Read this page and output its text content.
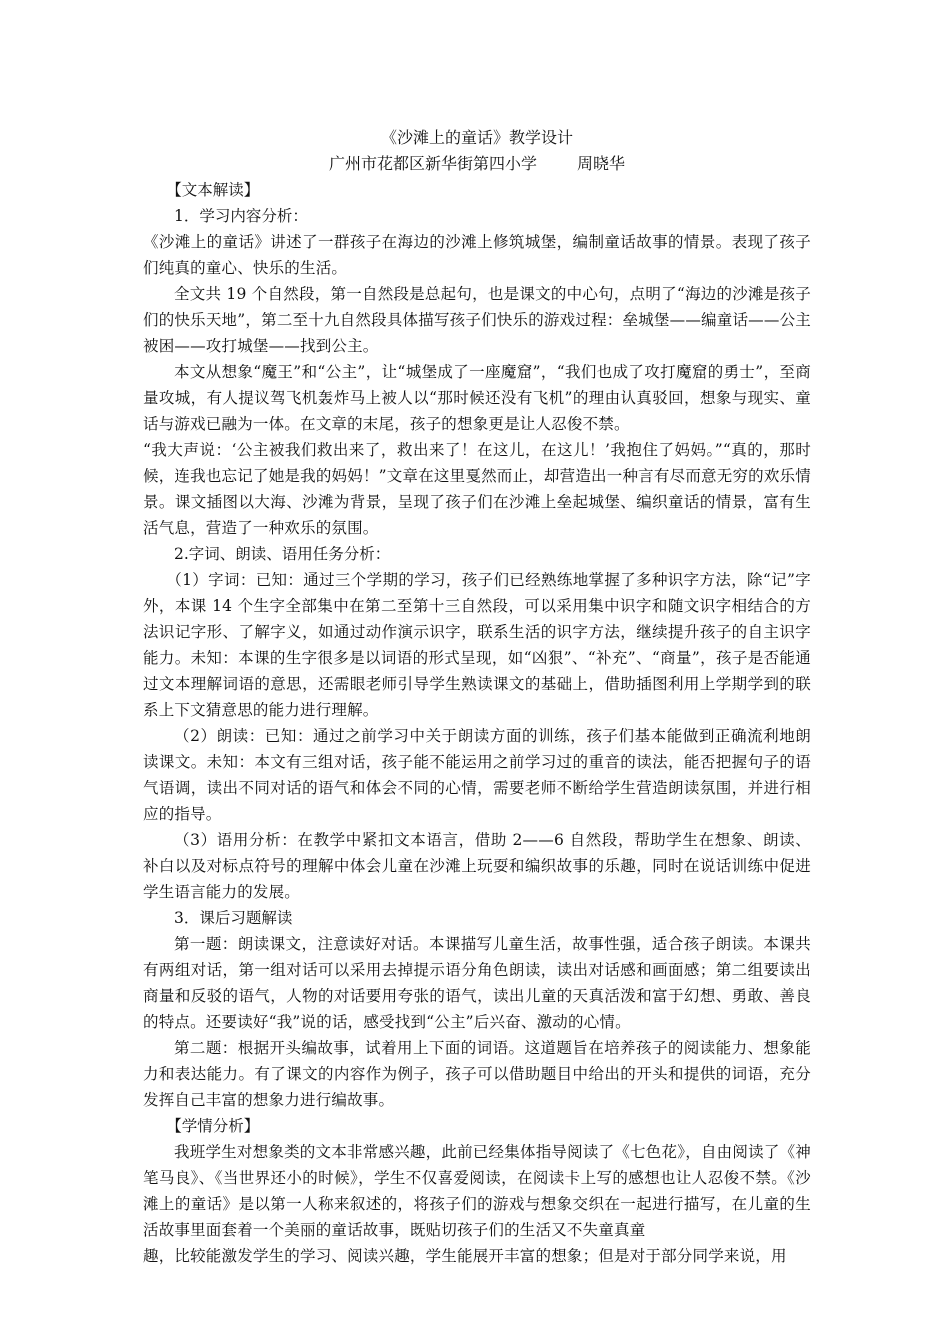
《沙滩上的童话》教学设计

广州市花都区新华街第四小学	周晓华

【文本解读】

1．学习内容分析：

《沙滩上的童话》讲述了一群孩子在海边的沙滩上修筑城堡，编制童话故事的情景。表现了孩子们纯真的童心、快乐的生活。

全文共 19 个自然段，第一自然段是总起句，也是课文的中心句，点明了“海边的沙滩是孩子们的快乐天地”，第二至十九自然段具体描写孩子们快乐的游戏过程：垒城堡——编童话——公主被困——攻打城堡——找到公主。

本文从想象“魔王”和“公主”，让“城堡成了一座魔窟”，“我们也成了攻打魔窟的勇士”，至商量攻城，有人提议驾飞机轰炸马上被人以“那时候还没有飞机”的理由认真驳回，想象与现实、童话与游戏已融为一体。在文章的末尾，孩子的想象更是让人忍俊不禁。

“我大声说：‘公主被我们救出来了，救出来了！在这儿，在这儿！’我抱住了妈妈。”“真的，那时候，连我也忘记了她是我的妈妈！”文章在这里戛然而止，却营造出一种言有尽而意无穷的欢乐情景。课文插图以大海、沙滩为背景，呈现了孩子们在沙滩上垒起城堡、编织童话的情景，富有生活气息，营造了一种欢乐的氛围。

2.字词、朗读、语用任务分析：

（1）字词：已知：通过三个学期的学习，孩子们已经熟练地掌握了多种识字方法，除“记”字外，本课 14 个生字全部集中在第二至第十三自然段，可以采用集中识字和随文识字相结合的方法识记字形、了解字义，如通过动作演示识字，联系生活的识字方法，继续提升孩子的自主识字能力。未知：本课的生字很多是以词语的形式呈现，如“凶狠”、“补充”、“商量”，孩子是否能通过文本理解词语的意思，还需眼老师引导学生熟读课文的基础上，借助插图利用上学期学到的联系上下文猜意思的能力进行理解。

（2）朗读：已知：通过之前学习中关于朗读方面的训练，孩子们基本能做到正确流利地朗读课文。未知：本文有三组对话，孩子能不能运用之前学习过的重音的读法，能否把握句子的语气语调，读出不同对话的语气和体会不同的心情，需要老师不断给学生营造朗读氛围，并进行相应的指导。

（3）语用分析：在教学中紧扣文本语言，借助 2——6 自然段，帮助学生在想象、朗读、补白以及对标点符号的理解中体会儿童在沙滩上玩耍和编织故事的乐趣，同时在说话训练中促进学生语言能力的发展。

3．课后习题解读

第一题：朗读课文，注意读好对话。本课描写儿童生活，故事性强，适合孩子朗读。本课共有两组对话，第一组对话可以采用去掉提示语分角色朗读，读出对话感和画面感；第二组要读出商量和反驳的语气，人物的对话要用夸张的语气，读出儿童的天真活泼和富于幻想、勇敢、善良的特点。还要读好“我”说的话，感受找到“公主”后兴奋、激动的心情。

第二题：根据开头编故事，试着用上下面的词语。这道题旨在培养孩子的阅读能力、想象能力和表达能力。有了课文的内容作为例子，孩子可以借助题目中给出的开头和提供的词语，充分发挥自己丰富的想象力进行编故事。

【学情分析】

我班学生对想象类的文本非常感兴趣，此前已经集体指导阅读了《七色花》，自由阅读了《神笔马良》、《当世界还小的时候》，学生不仅喜爱阅读，在阅读卡上写的感想也让人忍俊不禁。《沙滩上的童话》是以第一人称来叙述的，将孩子们的游戏与想象交织在一起进行描写，在儿童的生活故事里面套着一个美丽的童话故事，既贴切孩子们的生活又不失童真童

趣，比较能激发学生的学习、阅读兴趣，学生能展开丰富的想象；但是对于部分同学来说，用
